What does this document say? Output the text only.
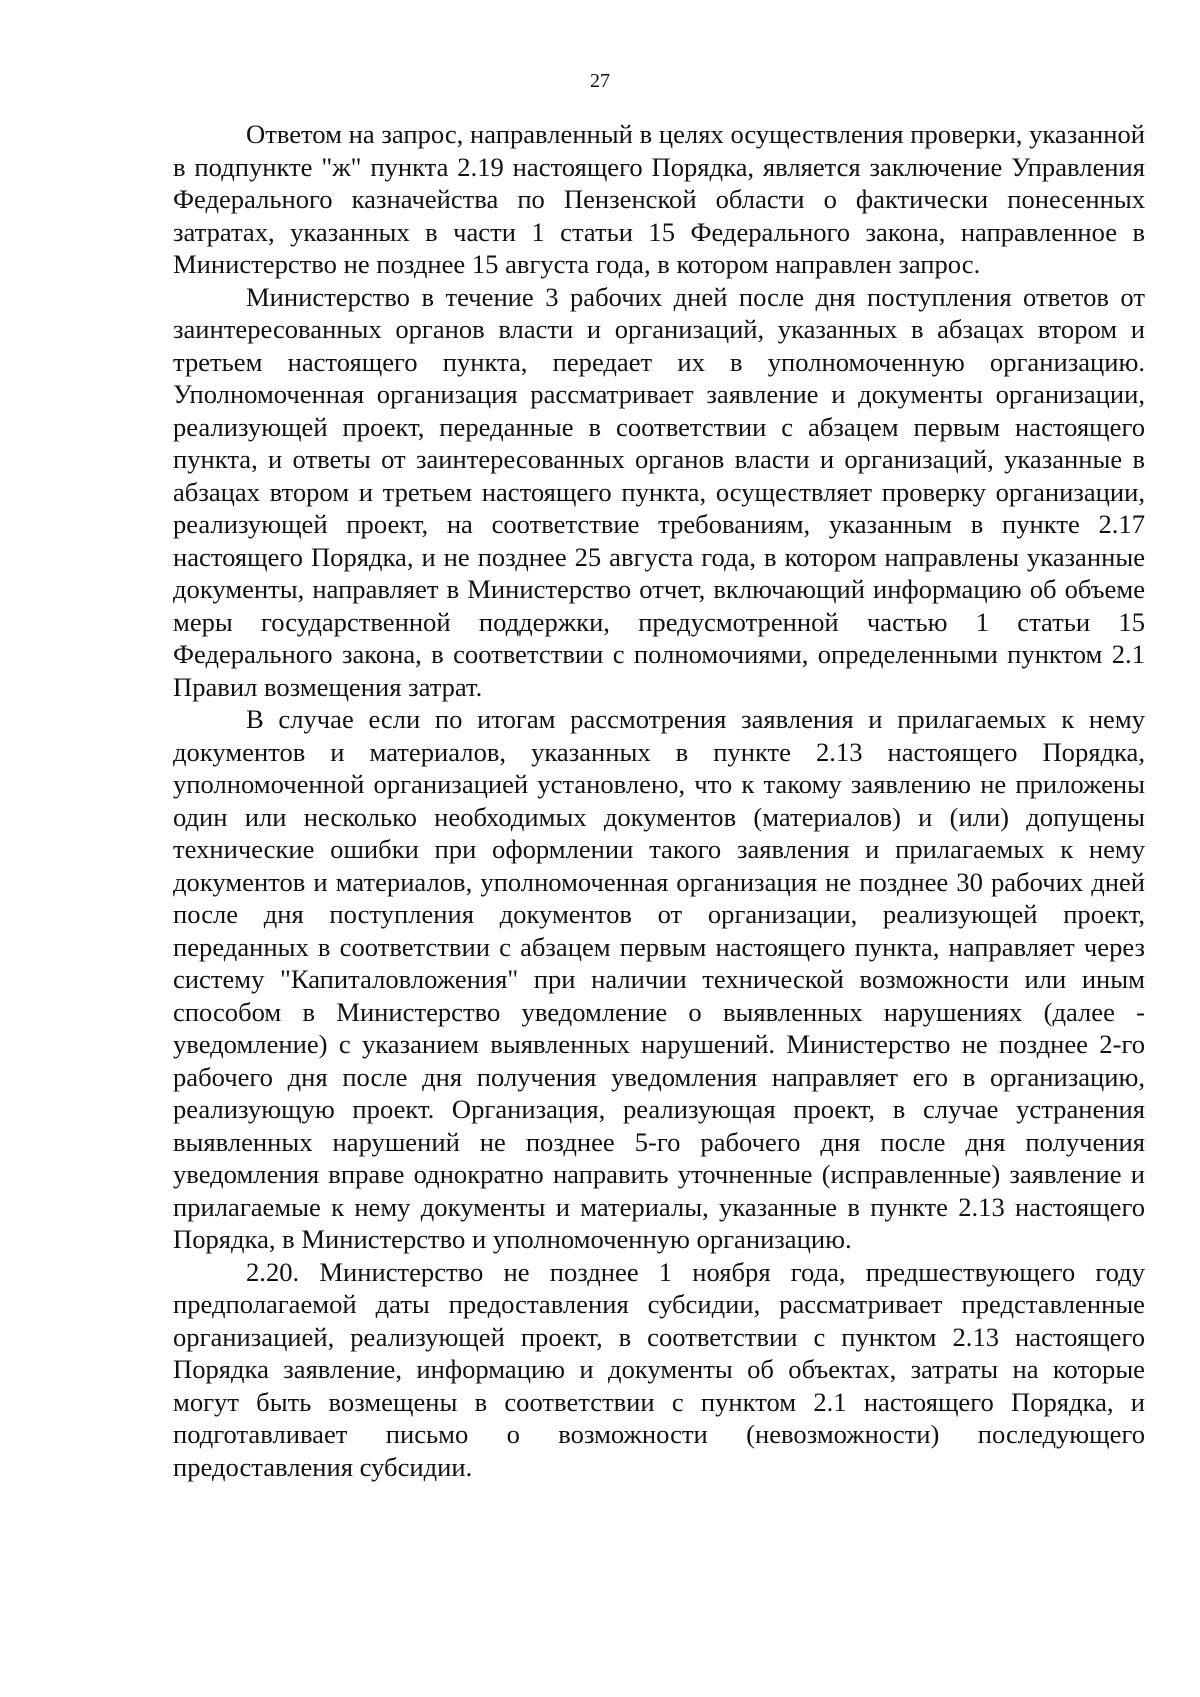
27

Ответом на запрос, направленный в целях осуществления проверки, указанной в подпункте "ж" пункта 2.19 настоящего Порядка, является заключение Управления Федерального казначейства по Пензенской области о фактически понесенных затратах, указанных в части 1 статьи 15 Федерального закона, направленное в Министерство не позднее 15 августа года, в котором направлен запрос.

Министерство в течение 3 рабочих дней после дня поступления ответов от заинтересованных органов власти и организаций, указанных в абзацах втором и третьем настоящего пункта, передает их в уполномоченную организацию. Уполномоченная организация рассматривает заявление и документы организации, реализующей проект, переданные в соответствии с абзацем первым настоящего пункта, и ответы от заинтересованных органов власти и организаций, указанные в абзацах втором и третьем настоящего пункта, осуществляет проверку организации, реализующей проект, на соответствие требованиям, указанным в пункте 2.17 настоящего Порядка, и не позднее 25 августа года, в котором направлены указанные документы, направляет в Министерство отчет, включающий информацию об объеме меры государственной поддержки, предусмотренной частью 1 статьи 15 Федерального закона, в соответствии с полномочиями, определенными пунктом 2.1 Правил возмещения затрат.

В случае если по итогам рассмотрения заявления и прилагаемых к нему документов и материалов, указанных в пункте 2.13 настоящего Порядка, уполномоченной организацией установлено, что к такому заявлению не приложены один или несколько необходимых документов (материалов) и (или) допущены технические ошибки при оформлении такого заявления и прилагаемых к нему документов и материалов, уполномоченная организация не позднее 30 рабочих дней после дня поступления документов от организации, реализующей проект, переданных в соответствии с абзацем первым настоящего пункта, направляет через систему "Капиталовложения" при наличии технической возможности или иным способом в Министерство уведомление о выявленных нарушениях (далее - уведомление) с указанием выявленных нарушений. Министерство не позднее 2-го рабочего дня после дня получения уведомления направляет его в организацию, реализующую проект. Организация, реализующая проект, в случае устранения выявленных нарушений не позднее 5-го рабочего дня после дня получения уведомления вправе однократно направить уточненные (исправленные) заявление и прилагаемые к нему документы и материалы, указанные в пункте 2.13 настоящего Порядка, в Министерство и уполномоченную организацию.

2.20. Министерство не позднее 1 ноября года, предшествующего году предполагаемой даты предоставления субсидии, рассматривает представленные организацией, реализующей проект, в соответствии с пунктом 2.13 настоящего Порядка заявление, информацию и документы об объектах, затраты на которые могут быть возмещены в соответствии с пунктом 2.1 настоящего Порядка, и подготавливает письмо о возможности (невозможности) последующего предоставления субсидии.
